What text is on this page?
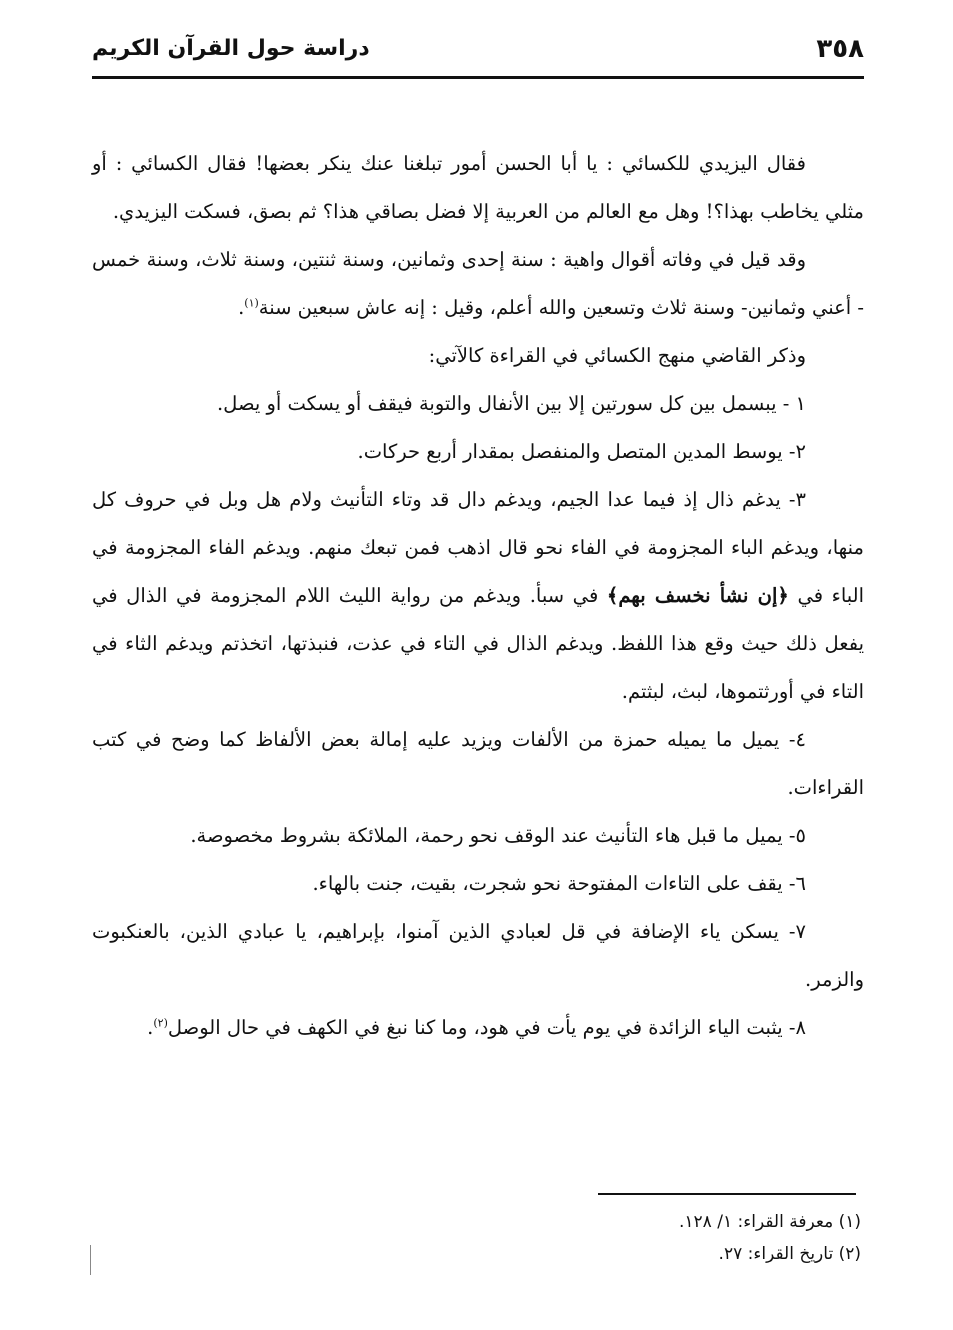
٣٥٨
دراسة حول القرآن الكريم

فقال اليزيدي للكسائي : يا أبا الحسن أمور تبلغنا عنك ينكر بعضها! فقال الكسائي : أو مثلي يخاطب بهذا؟! وهل مع العالم من العربية إلا فضل بصاقي هذا؟ ثم بصق، فسكت اليزيدي.

وقد قيل في وفاته أقوال واهية : سنة إحدى وثمانين، وسنة ثنتين، وسنة ثلاث، وسنة خمس - أعني وثمانين- وسنة ثلاث وتسعين والله أعلم، وقيل : إنه عاش سبعين سنة$^{(١)}$.

وذكر القاضي منهج الكسائي في القراءة كالآتي:

١ - يبسمل بين كل سورتين إلا بين الأنفال والتوبة فيقف أو يسكت أو يصل.

٢- يوسط المدين المتصل والمنفصل بمقدار أربع حركات.

٣- يدغم ذال إذ فيما عدا الجيم، ويدغم دال قد وتاء التأنيث ولام هل وبل في حروف كل منها، ويدغم الباء المجزومة في الفاء نحو قال اذهب فمن تبعك منهم. ويدغم الفاء المجزومة في الباء في ﴿إن نشأ نخسف بهم﴾ في سبأ. ويدغم من رواية الليث اللام المجزومة في الذال في يفعل ذلك حيث وقع هذا اللفظ. ويدغم الذال في التاء في عذت، فنبذتها، اتخذتم ويدغم الثاء في التاء في أورثتموها، لبث، لبثتم.

٤- يميل ما يميله حمزة من الألفات ويزيد عليه إمالة بعض الألفاظ كما وضح في كتب القراءات.

٥- يميل ما قبل هاء التأنيث عند الوقف نحو رحمة، الملائكة بشروط مخصوصة.

٦- يقف على التاءات المفتوحة نحو شجرت، بقيت، جنت بالهاء.

٧- يسكن ياء الإضافة في قل لعبادي الذين آمنوا، بإبراهيم، يا عبادي الذين، بالعنكبوت والزمر.

٨- يثبت الياء الزائدة في يوم يأت في هود، وما كنا نبغ في الكهف في حال الوصل$^{(٢)}$.

(١) معرفة القراء: ١/ ١٢٨.
(٢) تاريخ القراء: ٢٧.
